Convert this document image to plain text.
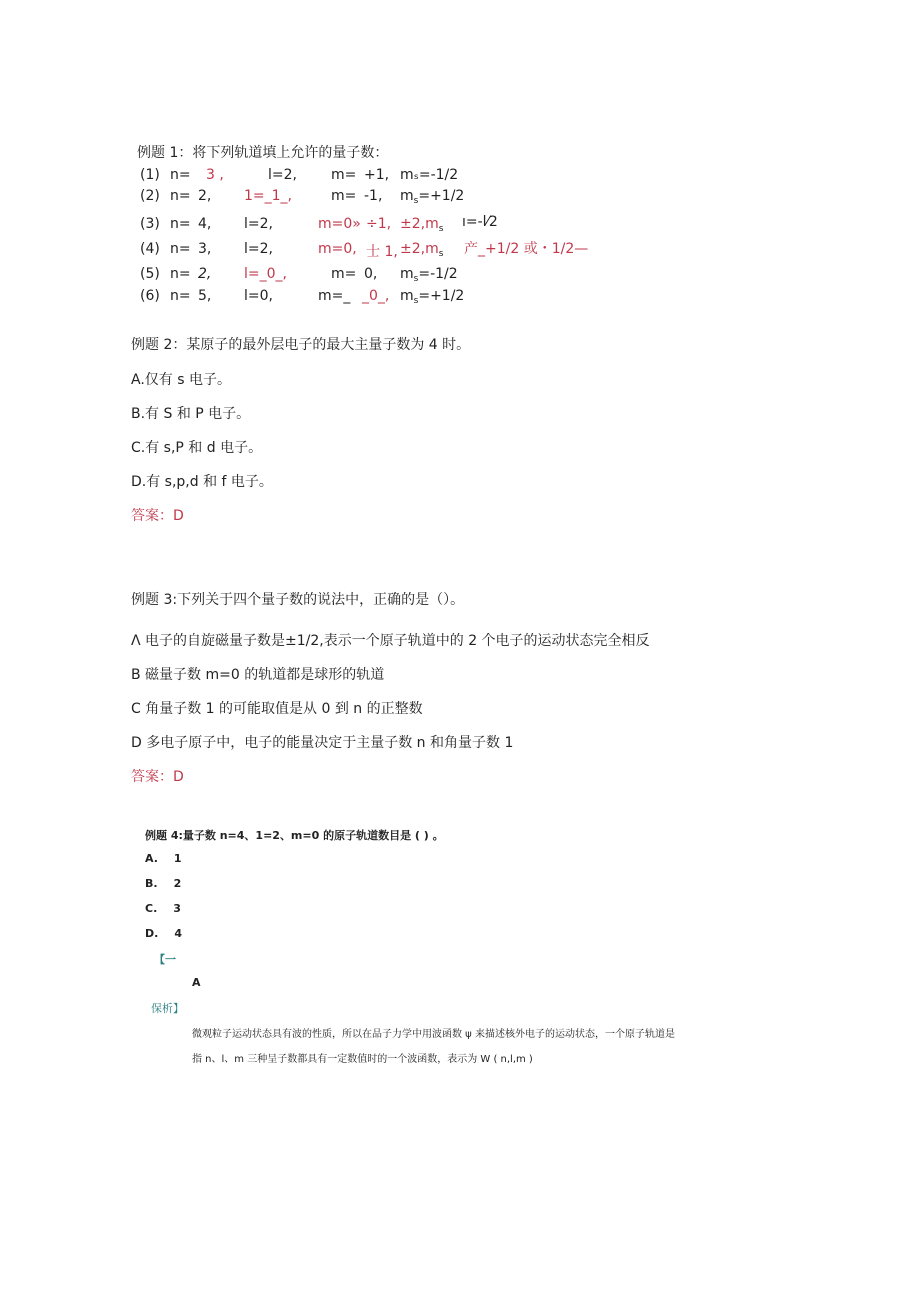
例题 1：将下列轨道填上允许的量子数：
(1) n= 3 ,	l=2, m= +1, mₛ=-1/2
(2) n= 2, 1=_1_,	m= -1, $m_s=+1/2$
(3) n= 4, l=2,	m=0» ÷1, $\pm 2,m_s$ ı=-l⁄2
(4) n= 3, l=2,	m=0, 士 1, $\pm 2,m_s$ 产_+1/2 或・1/2—
(5) n= 2, l=_0_,	m= 0, $m_s=-1/2$
(6) n= 5, l=0,	m=_ _0_, $m_s=+1/2$
例题 2：某原子的最外层电子的最大主量子数为 4 时。
A.仅有 s 电子。
B.有 S 和 P 电子。
C.有 s,P 和 d 电子。
D.有 s,p,d 和 f 电子。
答案：D
例题 3:下列关于四个量子数的说法中，正确的是（）。
Λ 电子的自旋磁量子数是±1/2,表示一个原子轨道中的 2 个电子的运动状态完全相反
B 磁量子数 m=0 的轨道都是球形的轨道
C 角量子数 1 的可能取值是从 0 到 n 的正整数
D 多电子原子中，电子的能量决定于主量子数 n 和角量子数 1
答案：D
例题 4:量子数 n=4、1=2、m=0 的原子轨道数目是 ( ) 。
A. 1
B. 2
C. 3
D. 4
【一
A
保析】
微观粒子运动状态具有波的性质，所以在品子力学中用波函数 ψ 来描述核外电子的运动状态，一个原子轨道是
指 n、l、m 三种呈子数都具有一定数值时的一个波函数，表示为 W ( n,l,m )
